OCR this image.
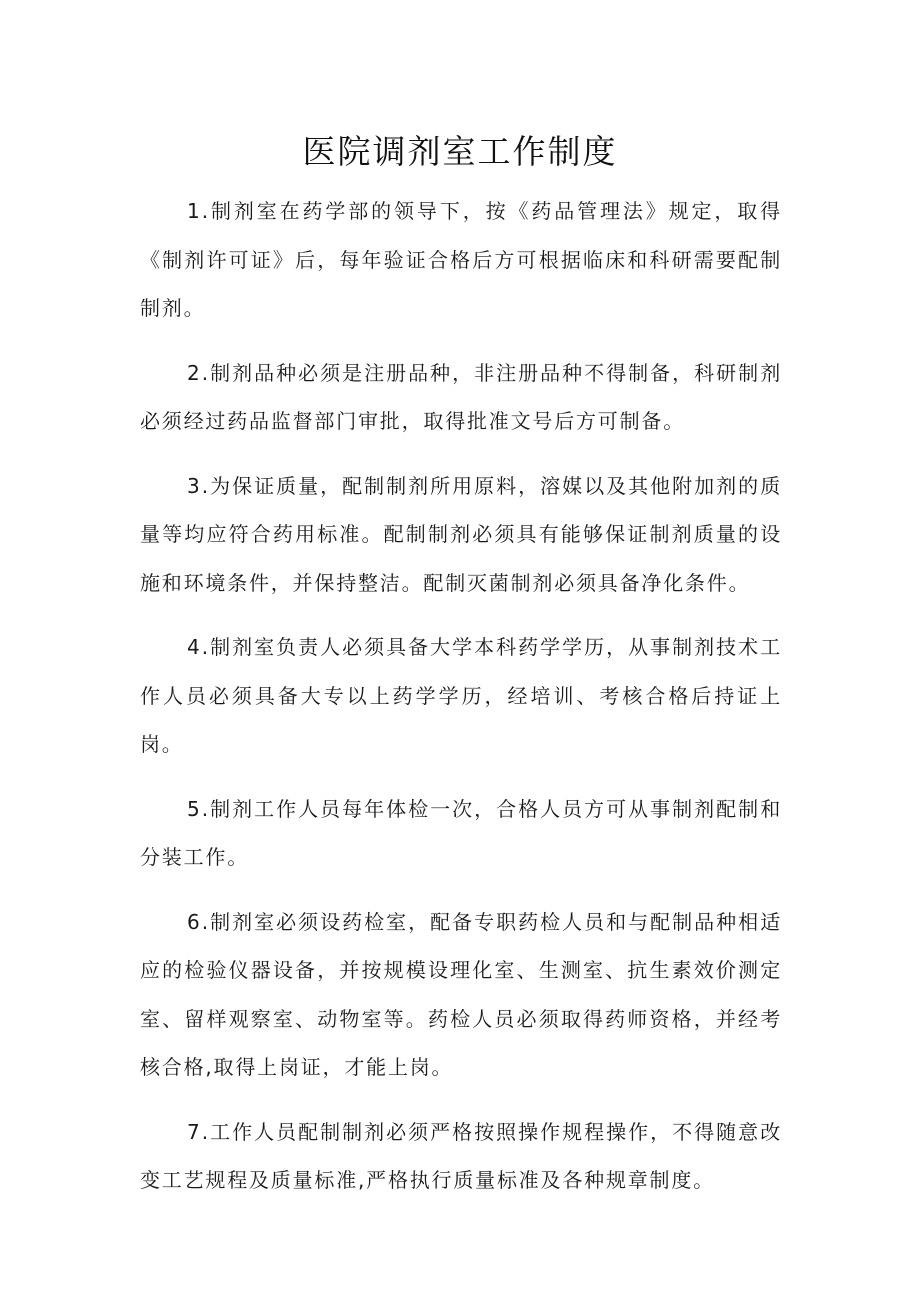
医院调剂室工作制度

1 .制剂室在药学部的领导下，按《药品管理法》规定，取得《制剂许可证》后，每年验证合格后方可根据临床和科研需要配制制剂。

2 .制剂品种必须是注册品种，非注册品种不得制备，科研制剂必须经过药品监督部门审批，取得批准文号后方可制备。

3 .为保证质量，配制制剂所用原料，溶媒以及其他附加剂的质量等均应符合药用标准。配制制剂必须具有能够保证制剂质量的设施和环境条件，并保持整洁。配制灭菌制剂必须具备净化条件。

4 .制剂室负责人必须具备大学本科药学学历，从事制剂技术工作人员必须具备大专以上药学学历，经培训、考核合格后持证上岗。

5 .制剂工作人员每年体检一次，合格人员方可从事制剂配制和分装工作。

6 .制剂室必须设药检室，配备专职药检人员和与配制品种相适应的检验仪器设备，并按规模设理化室、生测室、抗生素效价测定室、留样观察室、动物室等。药检人员必须取得药师资格，并经考核合格,取得上岗证，才能上岗。

7 .工作人员配制制剂必须严格按照操作规程操作，不得随意改变工艺规程及质量标准,严格执行质量标准及各种规章制度。
